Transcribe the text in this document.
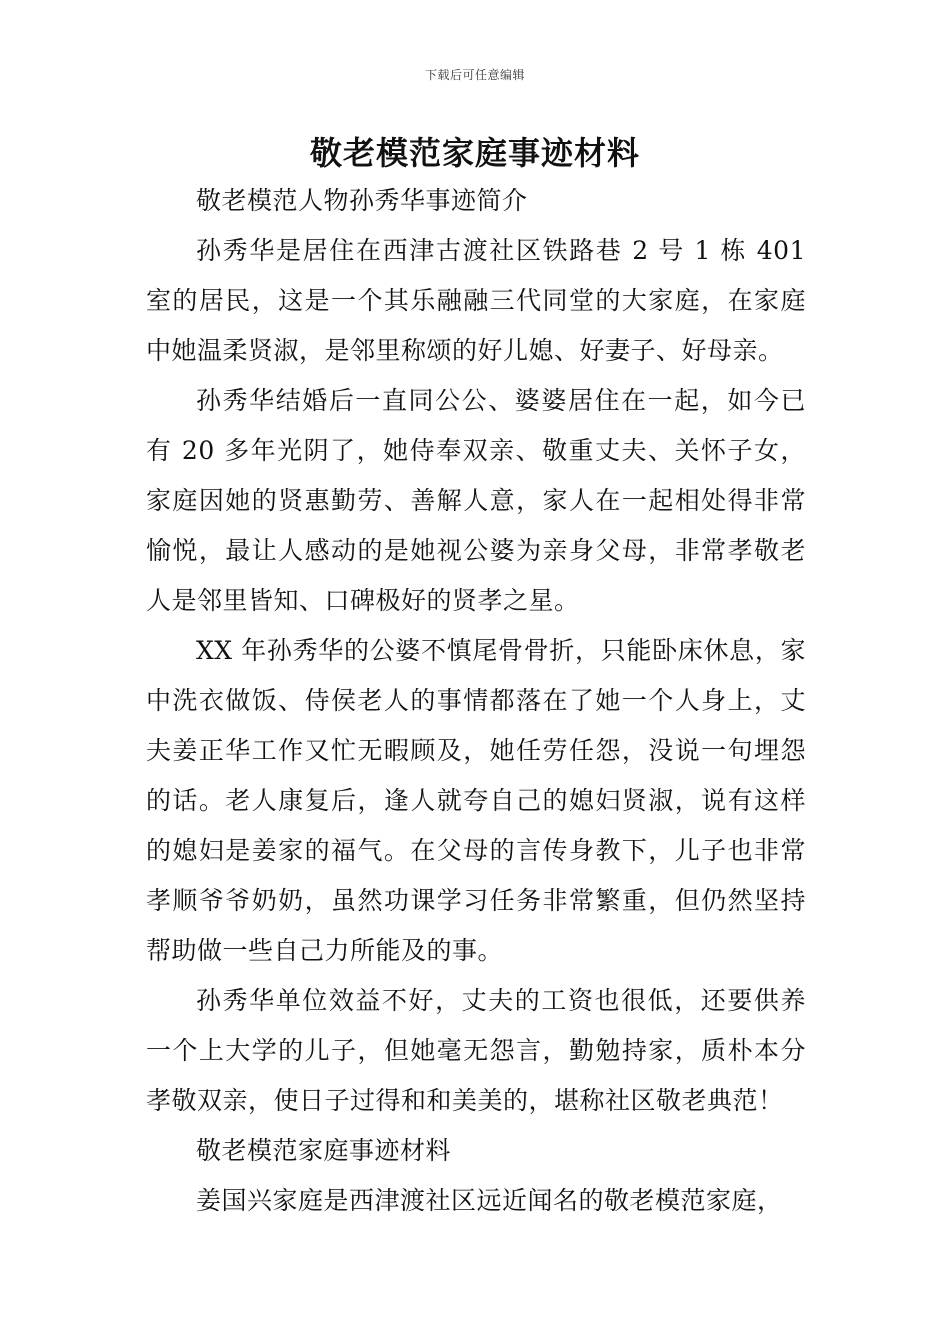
下载后可任意编辑
敬老模范家庭事迹材料

敬老模范人物孙秀华事迹简介

孙秀华是居住在西津古渡社区铁路巷 2 号 1 栋 401 室的居民，这是一个其乐融融三代同堂的大家庭，在家庭中她温柔贤淑，是邻里称颂的好儿媳、好妻子、好母亲。

孙秀华结婚后一直同公公、婆婆居住在一起，如今已有 20 多年光阴了，她侍奉双亲、敬重丈夫、关怀子女，家庭因她的贤惠勤劳、善解人意，家人在一起相处得非常愉悦，最让人感动的是她视公婆为亲身父母，非常孝敬老人是邻里皆知、口碑极好的贤孝之星。

XX 年孙秀华的公婆不慎尾骨骨折，只能卧床休息，家中洗衣做饭、侍侯老人的事情都落在了她一个人身上，丈夫姜正华工作又忙无暇顾及，她任劳任怨，没说一句埋怨的话。老人康复后，逢人就夸自己的媳妇贤淑，说有这样的媳妇是姜家的福气。在父母的言传身教下，儿子也非常孝顺爷爷奶奶，虽然功课学习任务非常繁重，但仍然坚持帮助做一些自己力所能及的事。

孙秀华单位效益不好，丈夫的工资也很低，还要供养一个上大学的儿子，但她毫无怨言，勤勉持家，质朴本分孝敬双亲，使日子过得和和美美的，堪称社区敬老典范！

敬老模范家庭事迹材料

姜国兴家庭是西津渡社区远近闻名的敬老模范家庭，
